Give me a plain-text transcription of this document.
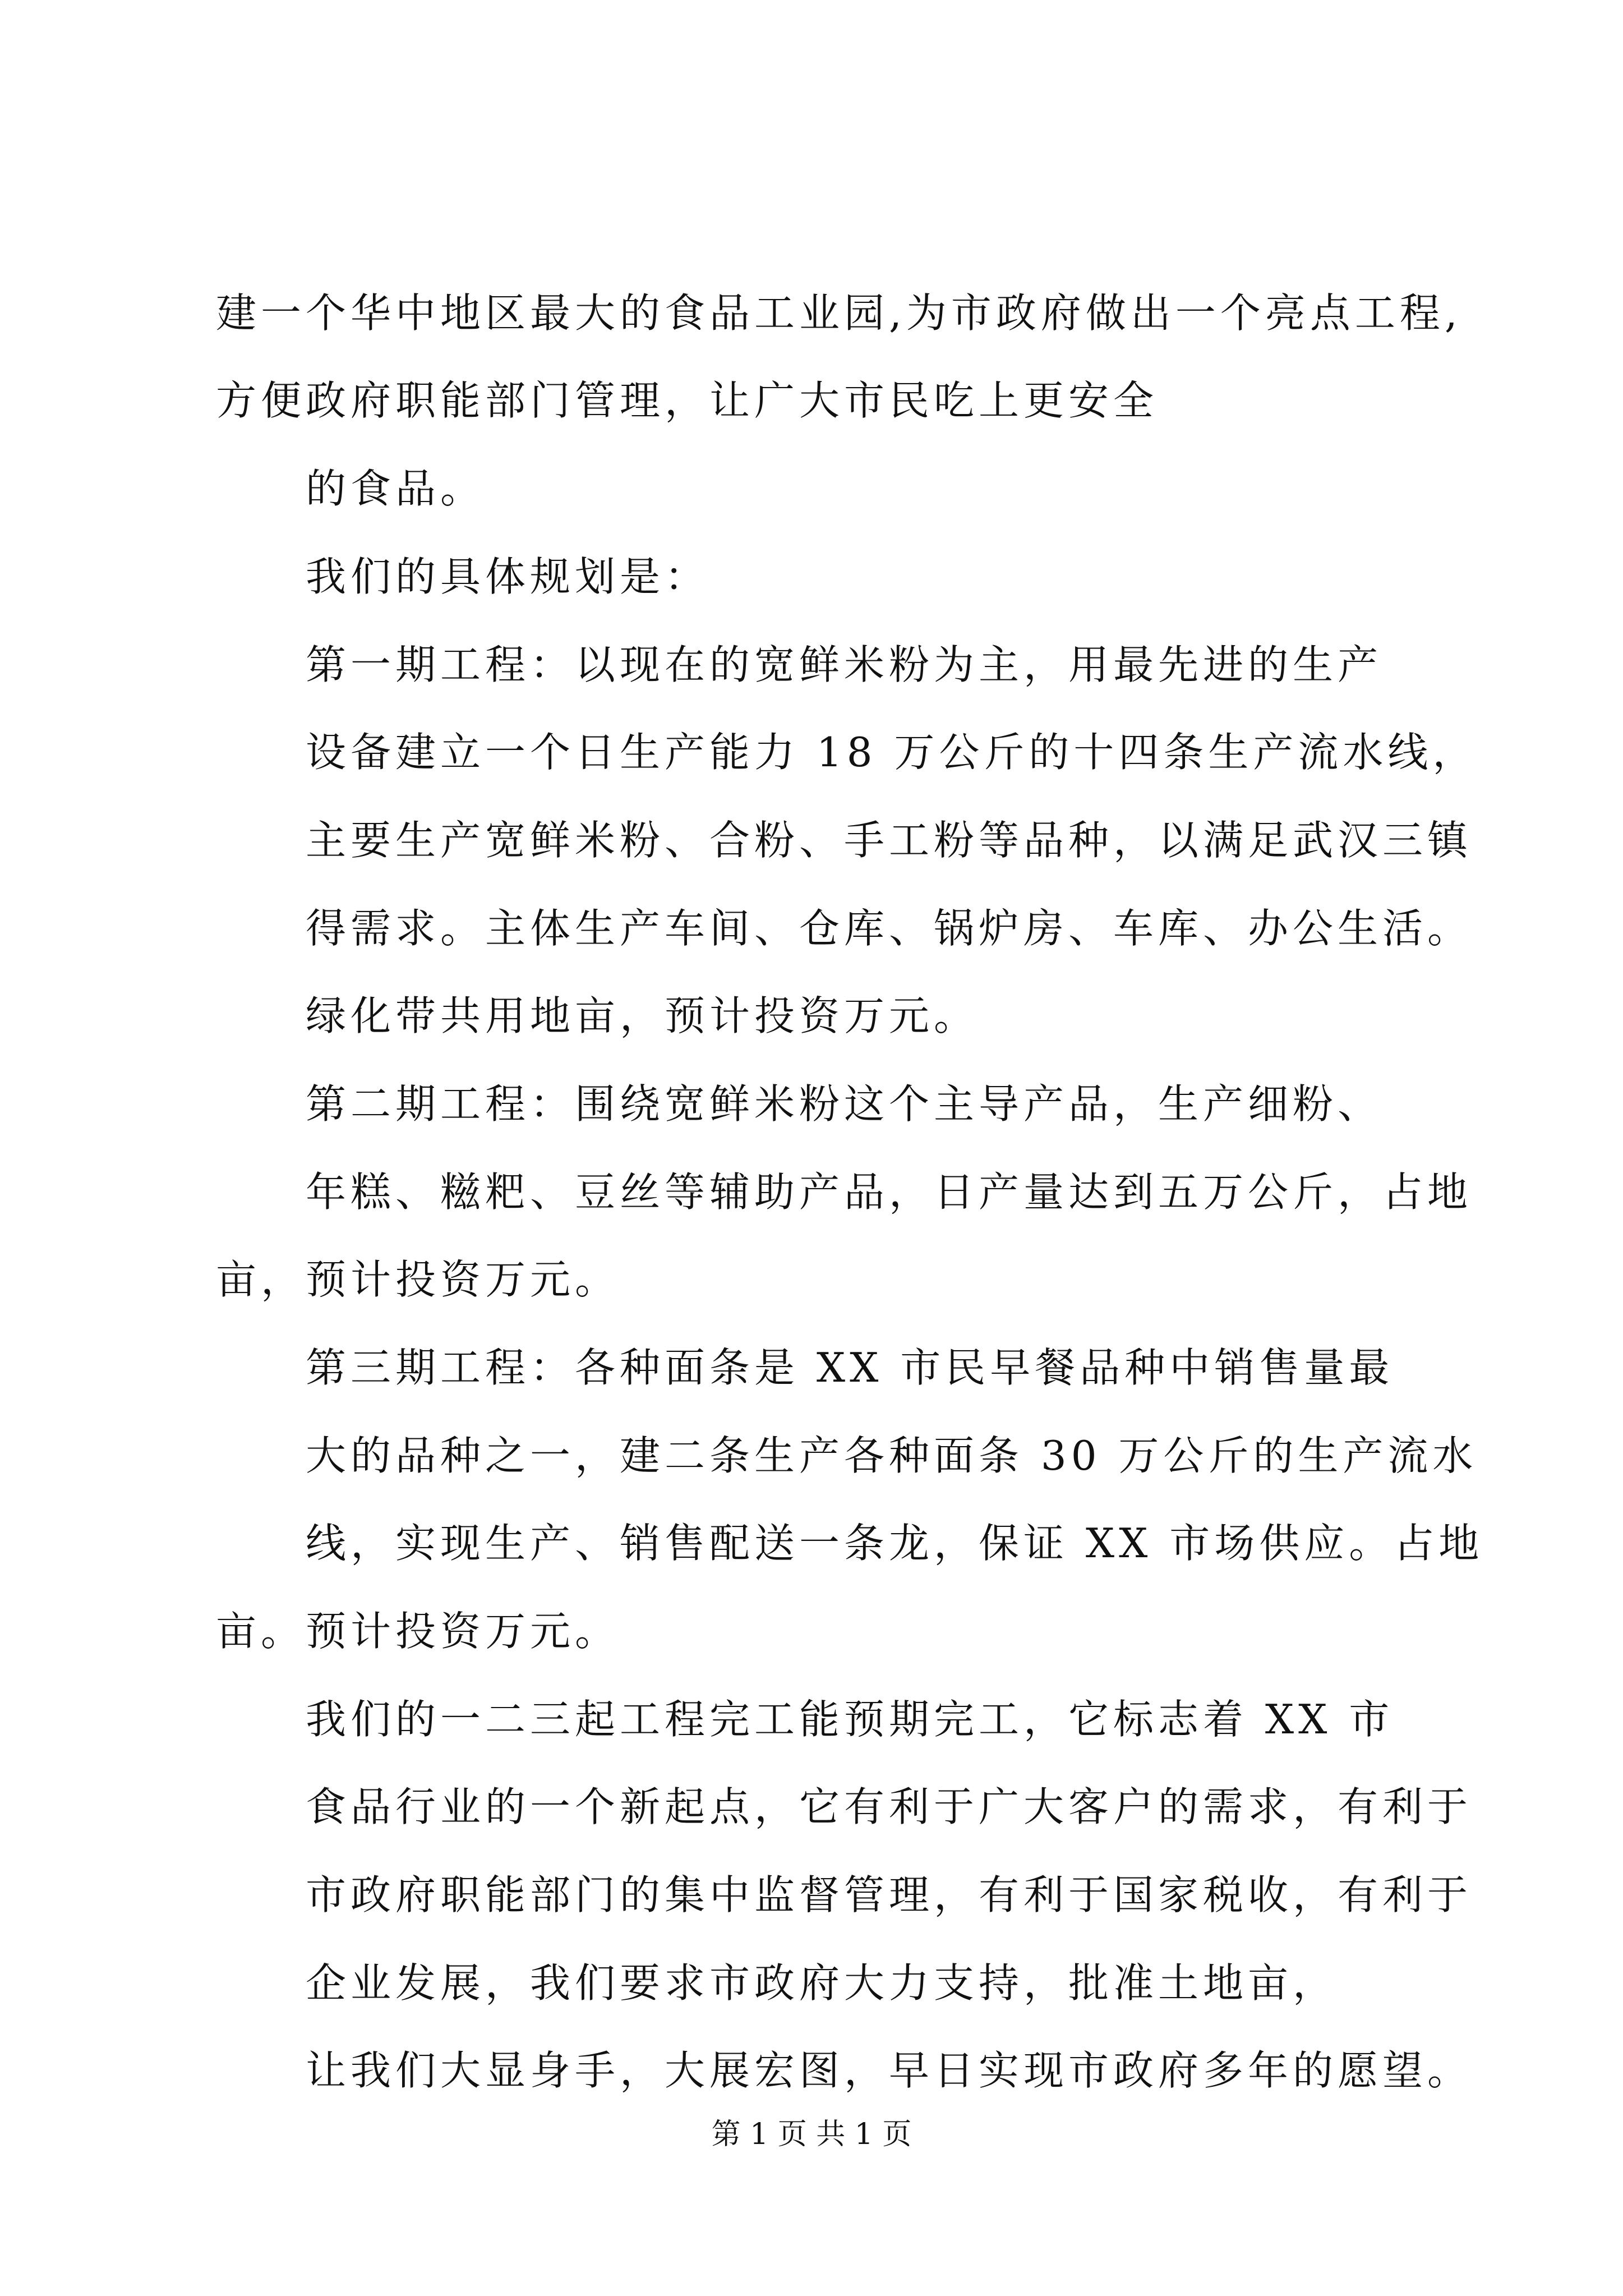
建一个华中地区最大的食品工业园,为市政府做出一个亮点工程,
方便政府职能部门管理，让广大市民吃上更安全
的食品。
我们的具体规划是：
第一期工程：以现在的宽鲜米粉为主，用最先进的生产
设备建立一个日生产能力 18 万公斤的十四条生产流水线，
主要生产宽鲜米粉、合粉、手工粉等品种，以满足武汉三镇
得需求。主体生产车间、仓库、锅炉房、车库、办公生活。
绿化带共用地亩，预计投资万元。
第二期工程：围绕宽鲜米粉这个主导产品，生产细粉、
年糕、糍粑、豆丝等辅助产品，日产量达到五万公斤，占地
亩，预计投资万元。
第三期工程：各种面条是 XX 市民早餐品种中销售量最
大的品种之一，建二条生产各种面条 30 万公斤的生产流水
线，实现生产、销售配送一条龙，保证 XX 市场供应。占地
亩。预计投资万元。
我们的一二三起工程完工能预期完工，它标志着 XX 市
食品行业的一个新起点，它有利于广大客户的需求，有利于
市政府职能部门的集中监督管理，有利于国家税收，有利于
企业发展，我们要求市政府大力支持，批准土地亩，
让我们大显身手，大展宏图，早日实现市政府多年的愿望。
第 1 页 共 1 页
